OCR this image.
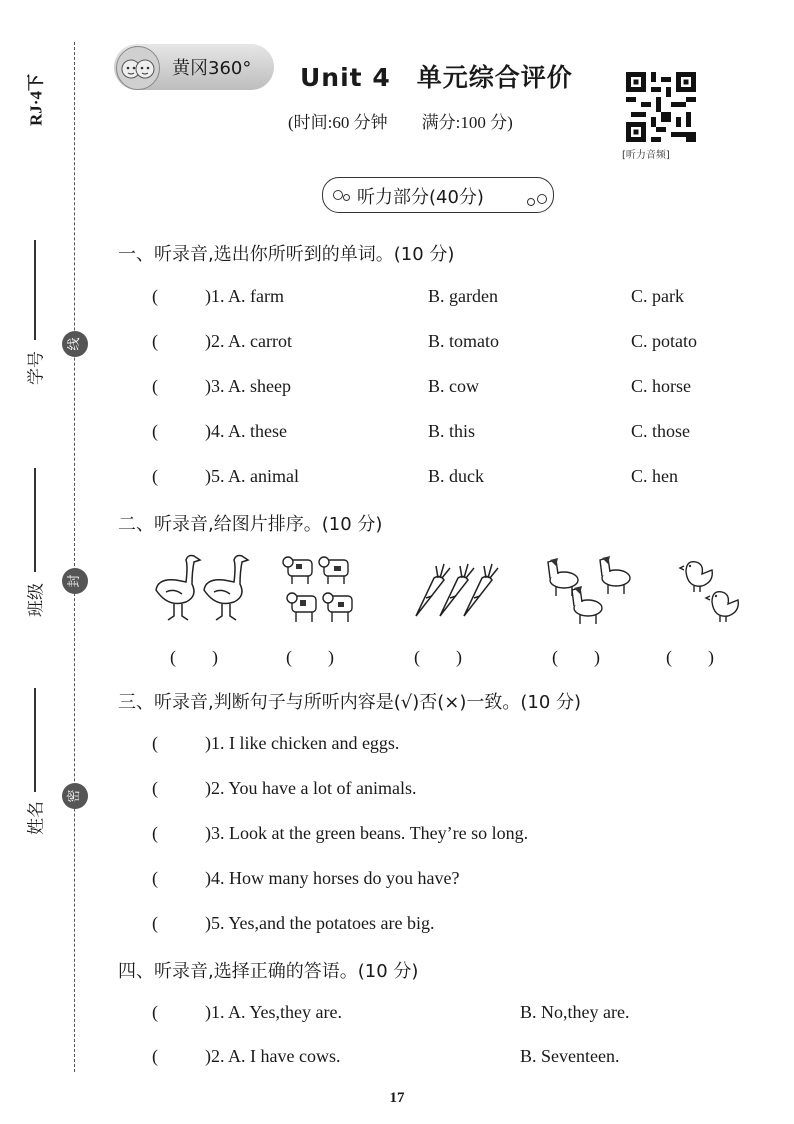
RJ·4下
学号
班级
姓名
线
封
密
黄冈360° Unit 4　单元综合评价
(时间:60 分钟　　满分:100 分)
[听力音频]
听力部分(40分)
一、听录音,选出你所听到的单词。(10 分)
(	)1. A. farm	B. garden	C. park
(	)2. A. carrot	B. tomato	C. potato
(	)3. A. sheep	B. cow	C. horse
(	)4. A. these	B. this	C. those
(	)5. A. animal	B. duck	C. hen
二、听录音,给图片排序。(10 分)
(　　)	(　　)	(　　)	(　　)	(　　)
三、听录音,判断句子与所听内容是(√)否(×)一致。(10 分)
(	)1. I like chicken and eggs.
(	)2. You have a lot of animals.
(	)3. Look at the green beans. They’re so long.
(	)4. How many horses do you have?
(	)5. Yes,and the potatoes are big.
四、听录音,选择正确的答语。(10 分)
(	)1. A. Yes,they are.	B. No,they are.
(	)2. A. I have cows.	B. Seventeen.
17
